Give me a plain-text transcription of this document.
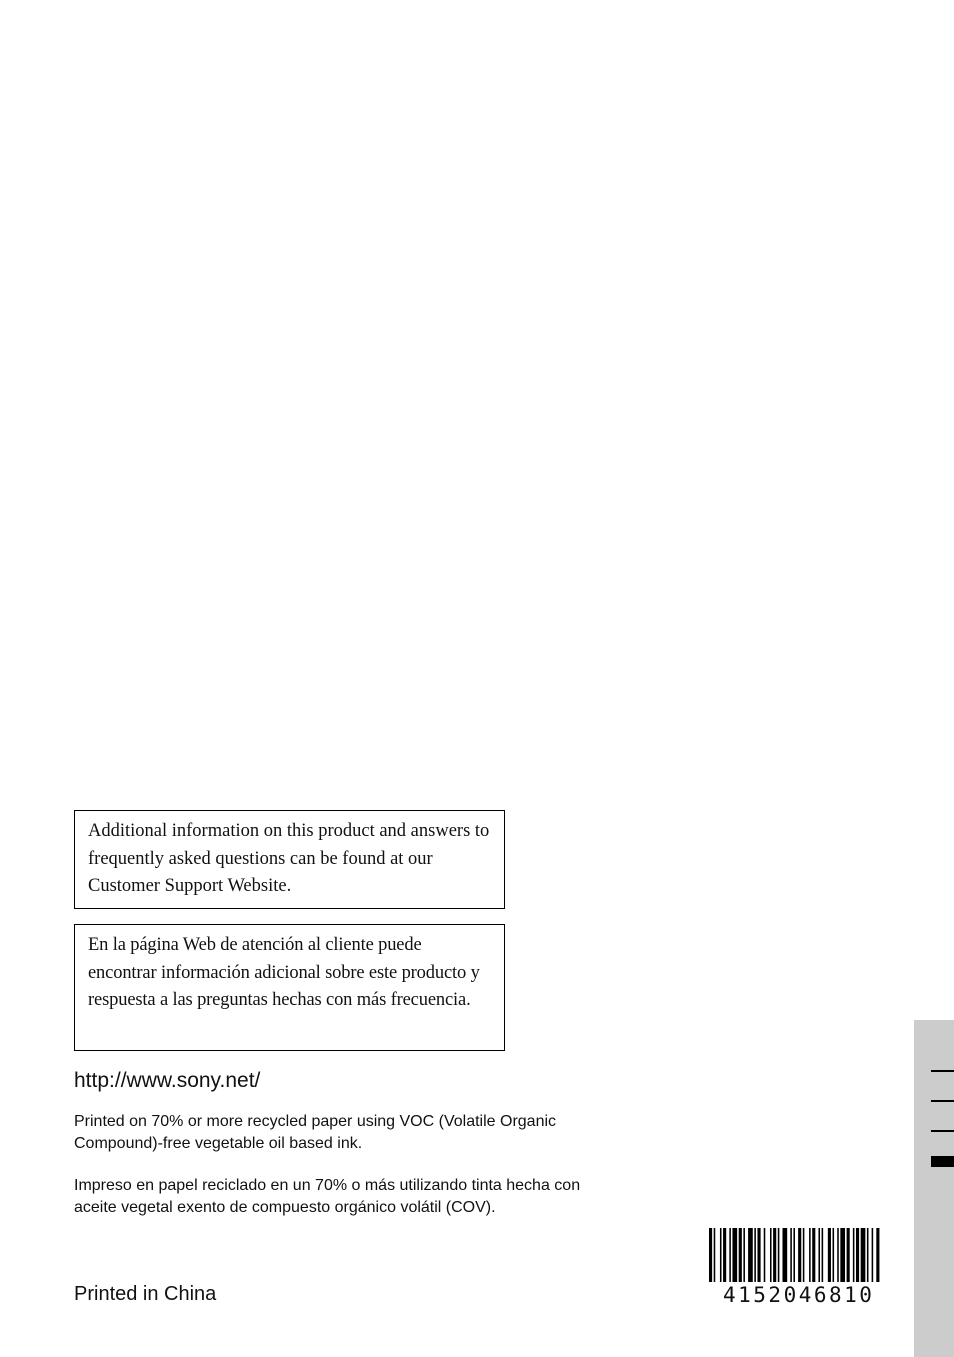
Additional information on this product and answers to frequently asked questions can be found at our Customer Support Website.
En la página Web de atención al cliente puede encontrar información adicional sobre este producto y respuesta a las preguntas hechas con más frecuencia.
http://www.sony.net/
Printed on 70% or more recycled paper using VOC (Volatile Organic Compound)-free vegetable oil based ink.
Impreso en papel reciclado en un 70% o más utilizando tinta hecha con aceite vegetal exento de compuesto orgánico volátil (COV).
Printed in China	4152046810
